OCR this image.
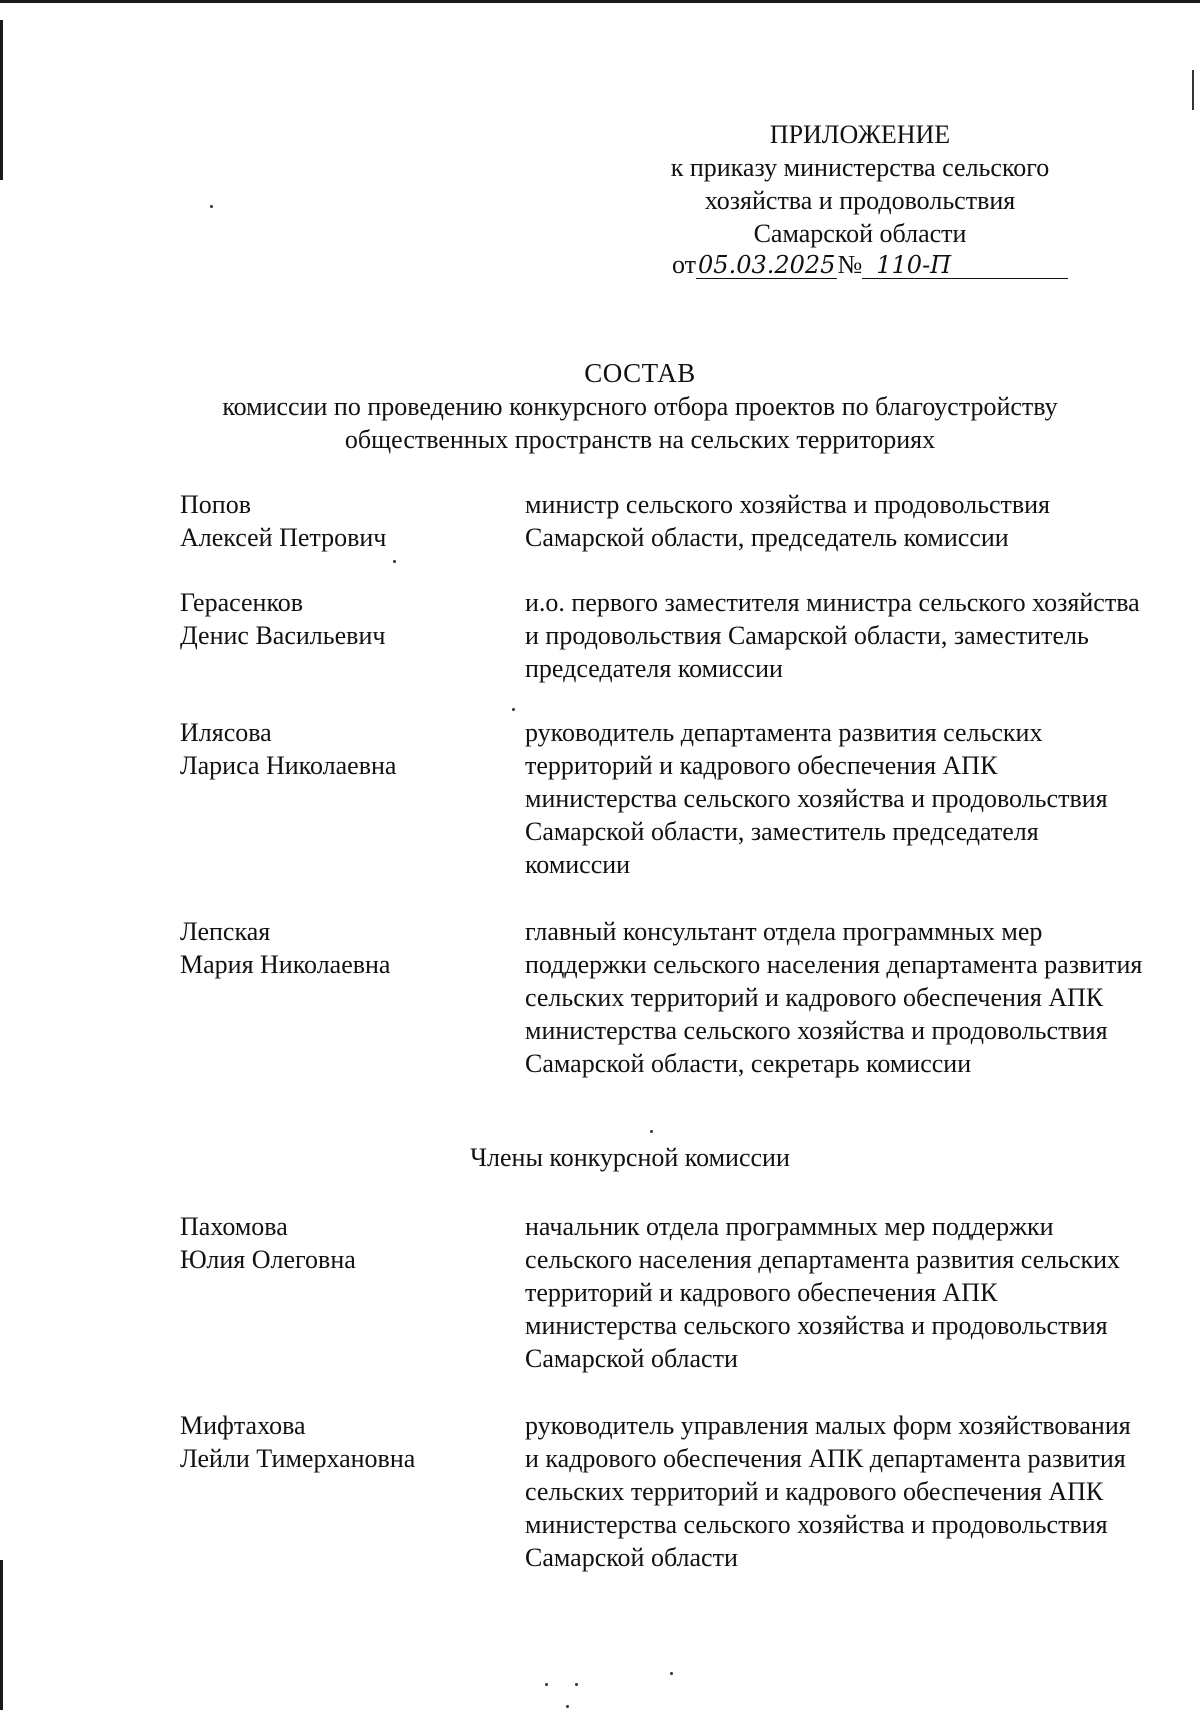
ПРИЛОЖЕНИЕ
к приказу министерства сельского
хозяйства и продовольствия
Самарской области
от05.03.2025№ 110-П
СОСТАВ
комиссии по проведению конкурсного отбора проектов по благоустройству
общественных пространств на сельских территориях
Попов
Алексей Петрович
министр сельского хозяйства и продовольствия Самарской области, председатель комиссии
Герасенков
Денис Васильевич
и.о. первого заместителя министра сельского хозяйства и продовольствия Самарской области, заместитель председателя комиссии
Илясова
Лариса Николаевна
руководитель департамента развития сельских территорий и кадрового обеспечения АПК министерства сельского хозяйства и продовольствия Самарской области, заместитель председателя комиссии
Лепская
Мария Николаевна
главный консультант отдела программных мер поддержки сельского населения департамента развития сельских территорий и кадрового обеспечения АПК министерства сельского хозяйства и продовольствия Самарской области, секретарь комиссии
Члены конкурсной комиссии
Пахомова
Юлия Олеговна
начальник отдела программных мер поддержки сельского населения департамента развития сельских территорий и кадрового обеспечения АПК министерства сельского хозяйства и продовольствия Самарской области
Мифтахова
Лейли Тимерхановна
руководитель управления малых форм хозяйствования и кадрового обеспечения АПК департамента развития сельских территорий и кадрового обеспечения АПК министерства сельского хозяйства и продовольствия Самарской области
